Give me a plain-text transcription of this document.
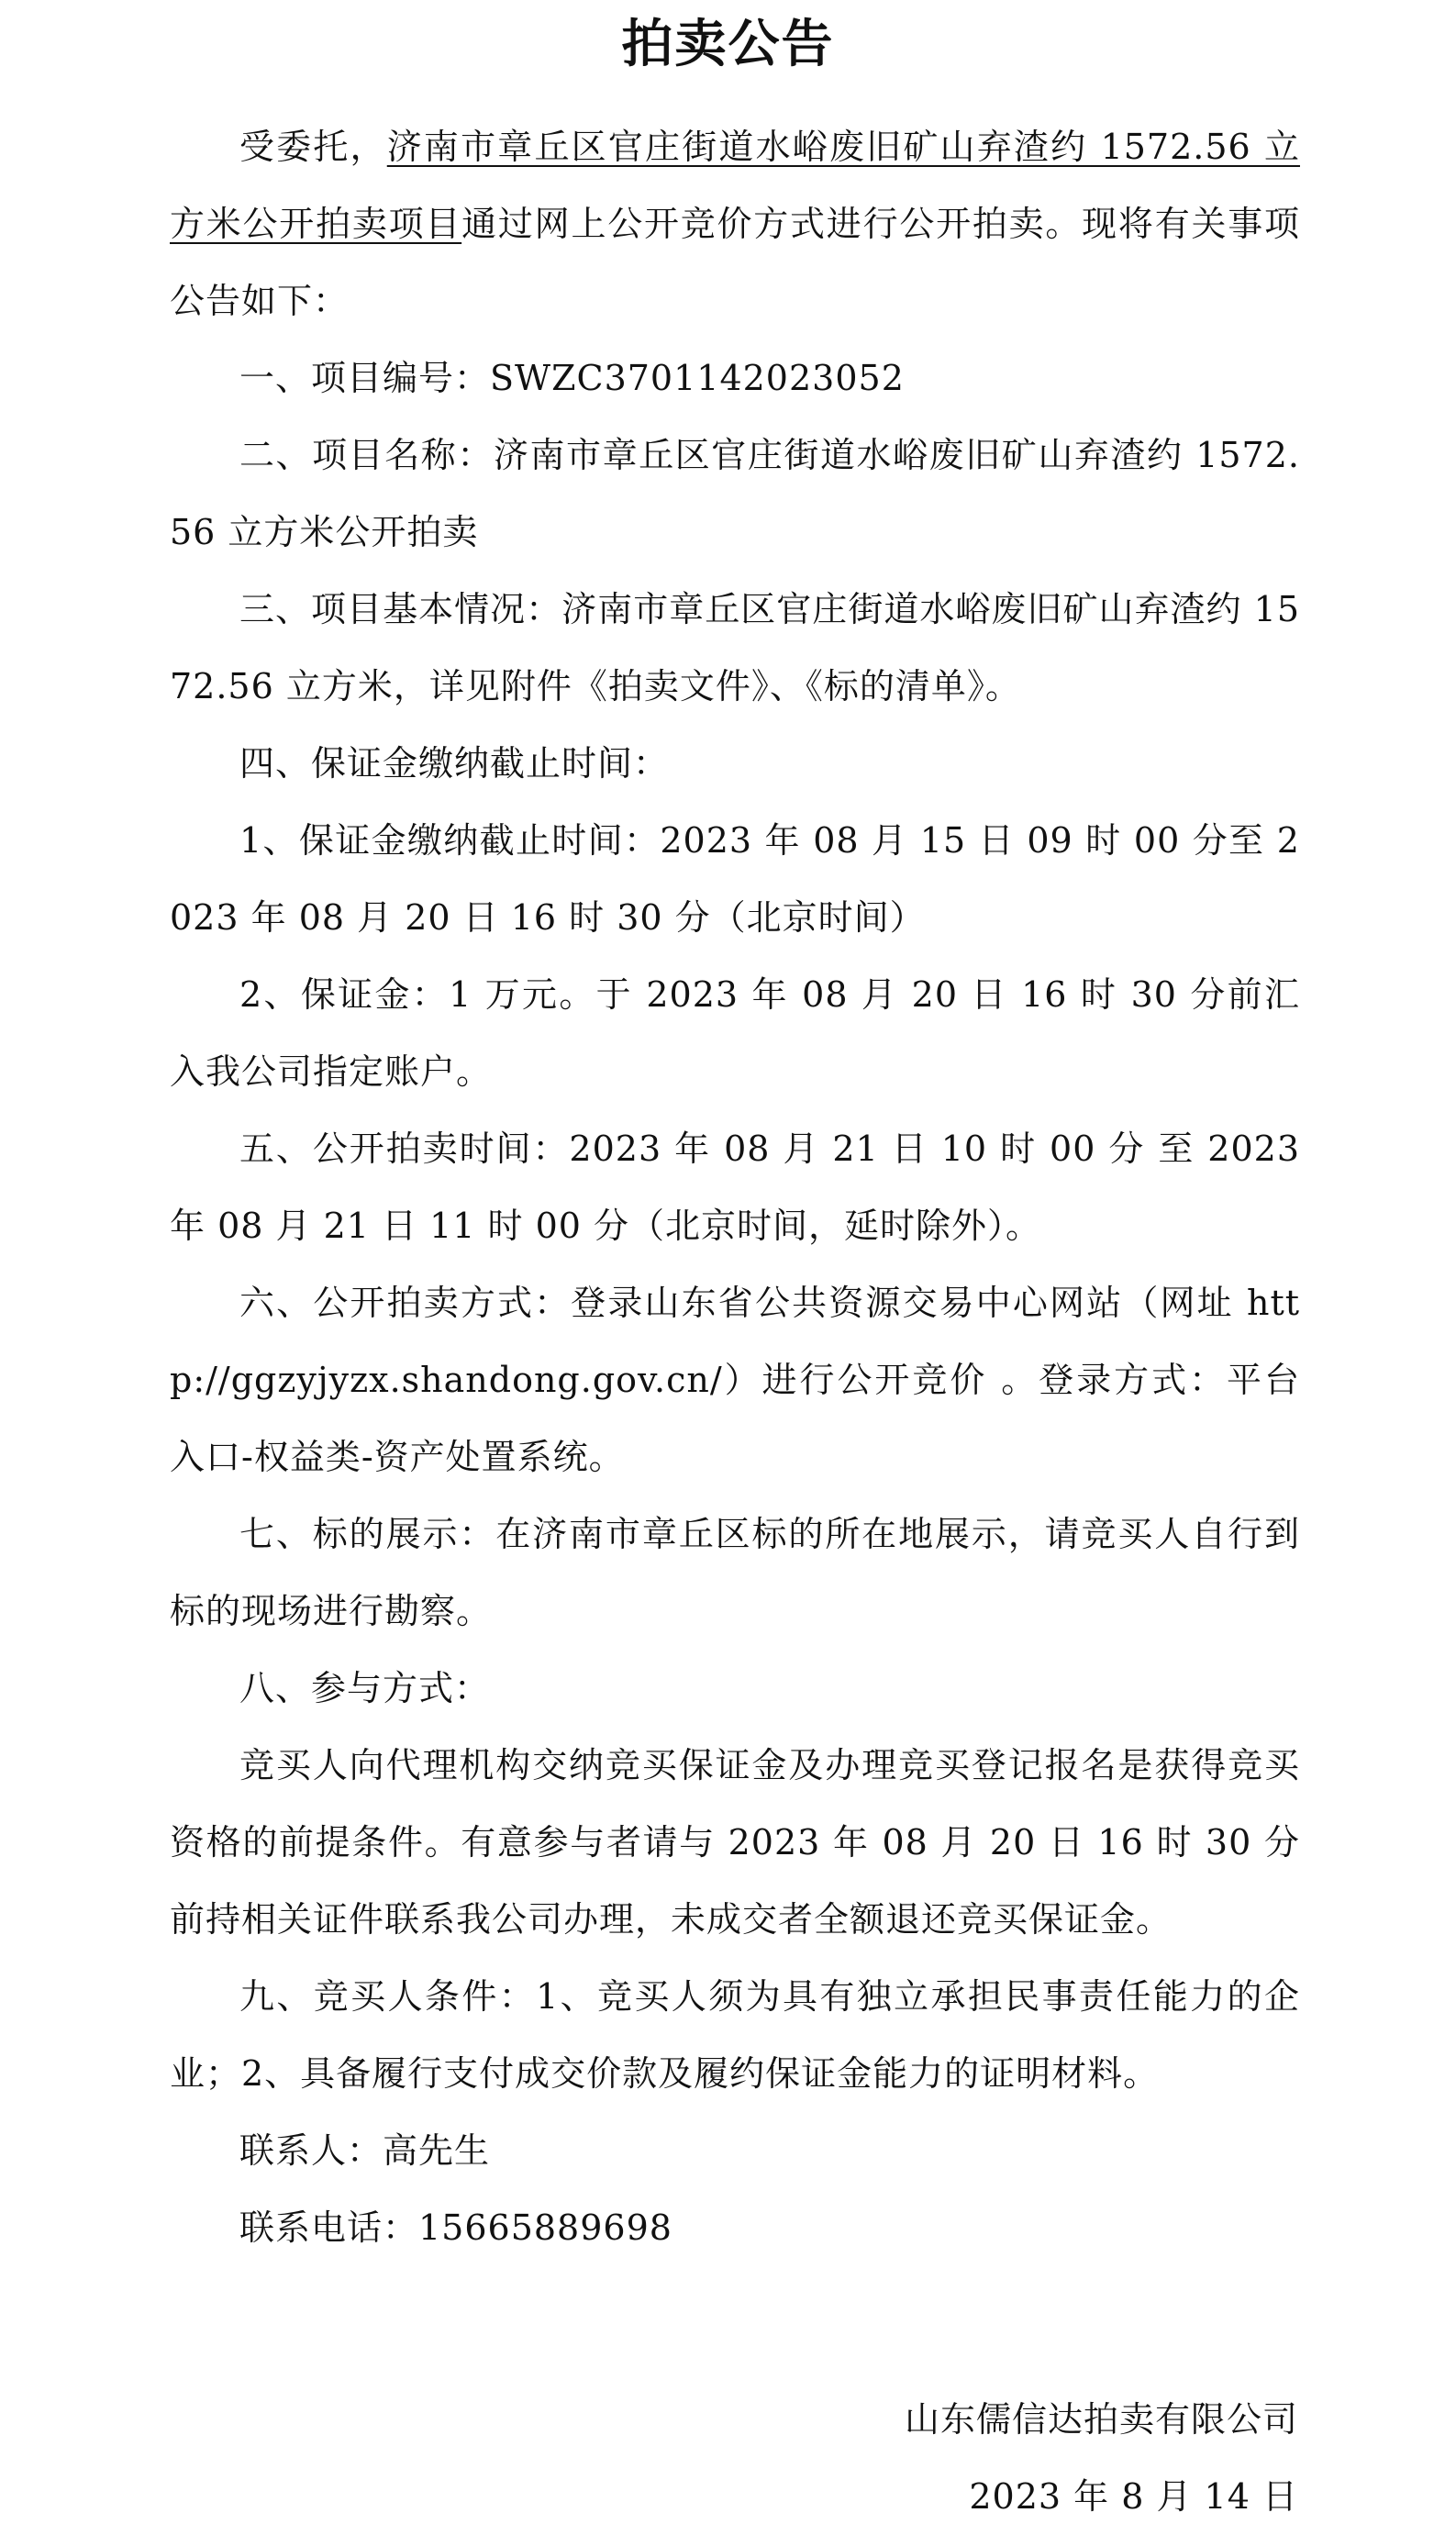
拍卖公告

受委托，济南市章丘区官庄街道水峪废旧矿山弃渣约 1572.56 立方米公开拍卖项目通过网上公开竞价方式进行公开拍卖。现将有关事项公告如下：

一、项目编号：SWZC3701142023052

二、项目名称：济南市章丘区官庄街道水峪废旧矿山弃渣约 1572.56 立方米公开拍卖

三、项目基本情况：济南市章丘区官庄街道水峪废旧矿山弃渣约 1572.56 立方米，详见附件《拍卖文件》、《标的清单》。

四、保证金缴纳截止时间：

1、保证金缴纳截止时间：2023 年 08 月 15 日 09 时 00 分至 2023 年 08 月 20 日 16 时 30 分（北京时间）

2、保证金：1 万元。于 2023 年 08 月 20 日 16 时 30 分前汇入我公司指定账户。

五、公开拍卖时间：2023 年 08 月 21 日 10 时 00 分 至 2023 年 08 月 21 日 11 时 00 分（北京时间，延时除外）。

六、公开拍卖方式：登录山东省公共资源交易中心网站（网址 http://ggzyjyzx.shandong.gov.cn/）进行公开竞价 。登录方式：平台入口-权益类-资产处置系统。

七、标的展示：在济南市章丘区标的所在地展示，请竞买人自行到标的现场进行勘察。

八、参与方式：

竞买人向代理机构交纳竞买保证金及办理竞买登记报名是获得竞买资格的前提条件。有意参与者请与 2023 年 08 月 20 日 16 时 30 分前持相关证件联系我公司办理，未成交者全额退还竞买保证金。

九、竞买人条件：1、竞买人须为具有独立承担民事责任能力的企业；2、具备履行支付成交价款及履约保证金能力的证明材料。

联系人：高先生

联系电话：15665889698

山东儒信达拍卖有限公司
2023 年 8 月 14 日
